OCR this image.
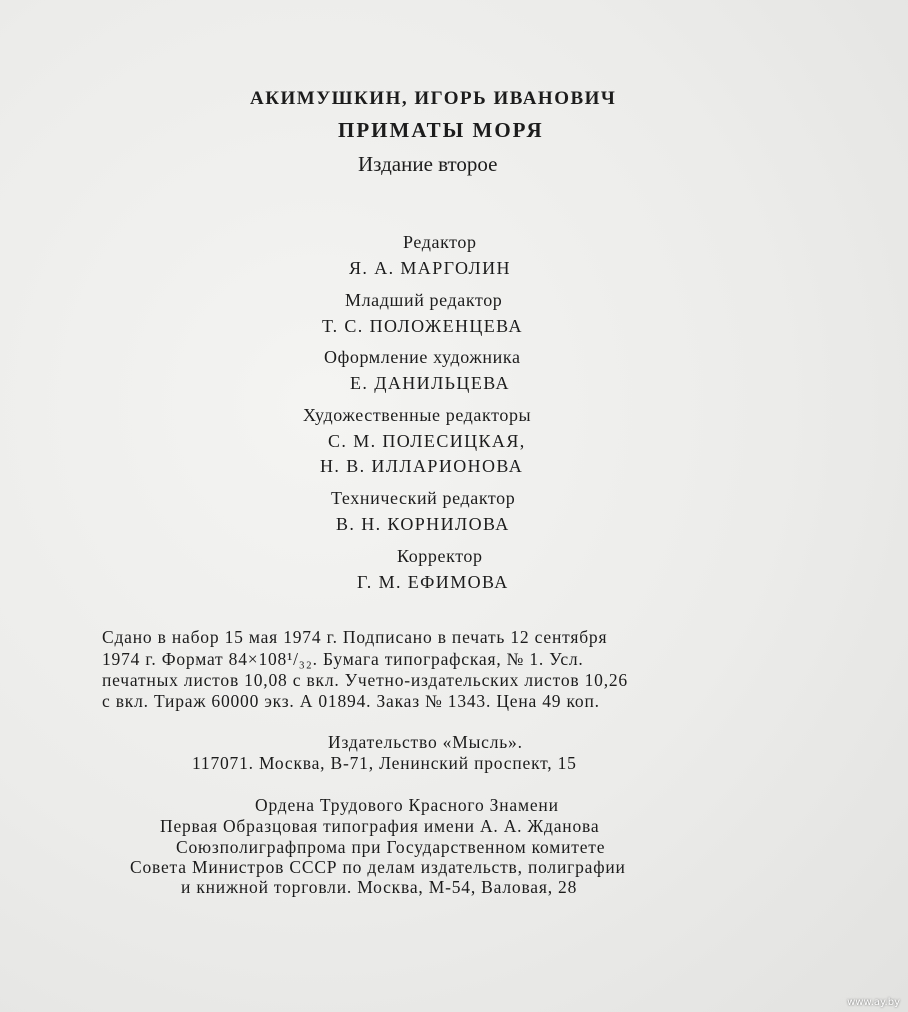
АКИМУШКИН, ИГОРЬ ИВАНОВИЧ
ПРИМАТЫ МОРЯ
Издание второе
Редактор
Я. А. МАРГОЛИН
Младший редактор
Т. С. ПОЛОЖЕНЦЕВА
Оформление художника
Е. ДАНИЛЬЦЕВА
Художественные редакторы
С. М. ПОЛЕСИЦКАЯ,
Н. В. ИЛЛАРИОНОВА
Технический редактор
В. Н. КОРНИЛОВА
Корректор
Г. М. ЕФИМОВА
Сдано в набор 15 мая 1974 г. Подписано в печать 12 сентября
1974 г. Формат 84×108¹/₃₂. Бумага типографская, № 1. Усл.
печатных листов 10,08 с вкл. Учетно-издательских листов 10,26
с вкл. Тираж 60000 экз. А 01894. Заказ № 1343. Цена 49 коп.
Издательство «Мысль».
117071. Москва, В-71, Ленинский проспект, 15
Ордена Трудового Красного Знамени
Первая Образцовая типография имени А. А. Жданова
Союзполиграфпрома при Государственном комитете
Совета Министров СССР по делам издательств, полиграфии
и книжной торговли. Москва, М-54, Валовая, 28
www.ay.by
